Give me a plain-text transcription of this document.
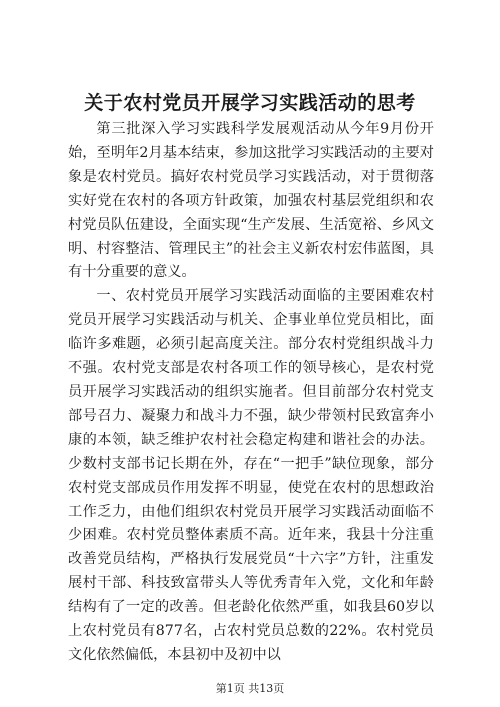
关于农村党员开展学习实践活动的思考

第三批深入学习实践科学发展观活动从今年9月份开始，至明年2月基本结束，参加这批学习实践活动的主要对象是农村党员。搞好农村党员学习实践活动，对于贯彻落实好党在农村的各项方针政策，加强农村基层党组织和农村党员队伍建设，全面实现“生产发展、生活宽裕、乡风文明、村容整洁、管理民主”的社会主义新农村宏伟蓝图，具有十分重要的意义。

一、农村党员开展学习实践活动面临的主要困难农村党员开展学习实践活动与机关、企事业单位党员相比，面临许多难题，必须引起高度关注。部分农村党组织战斗力不强。农村党支部是农村各项工作的领导核心，是农村党员开展学习实践活动的组织实施者。但目前部分农村党支部号召力、凝聚力和战斗力不强，缺少带领村民致富奔小康的本领，缺乏维护农村社会稳定构建和谐社会的办法。少数村支部书记长期在外，存在“一把手”缺位现象，部分农村党支部成员作用发挥不明显，使党在农村的思想政治工作乏力，由他们组织农村党员开展学习实践活动面临不少困难。农村党员整体素质不高。近年来，我县十分注重改善党员结构，严格执行发展党员“十六字”方针，注重发展村干部、科技致富带头人等优秀青年入党，文化和年龄结构有了一定的改善。但老龄化依然严重，如我县60岁以上农村党员有877名，占农村党员总数的22%。农村党员文化依然偏低，本县初中及初中以

第1页 共13页
